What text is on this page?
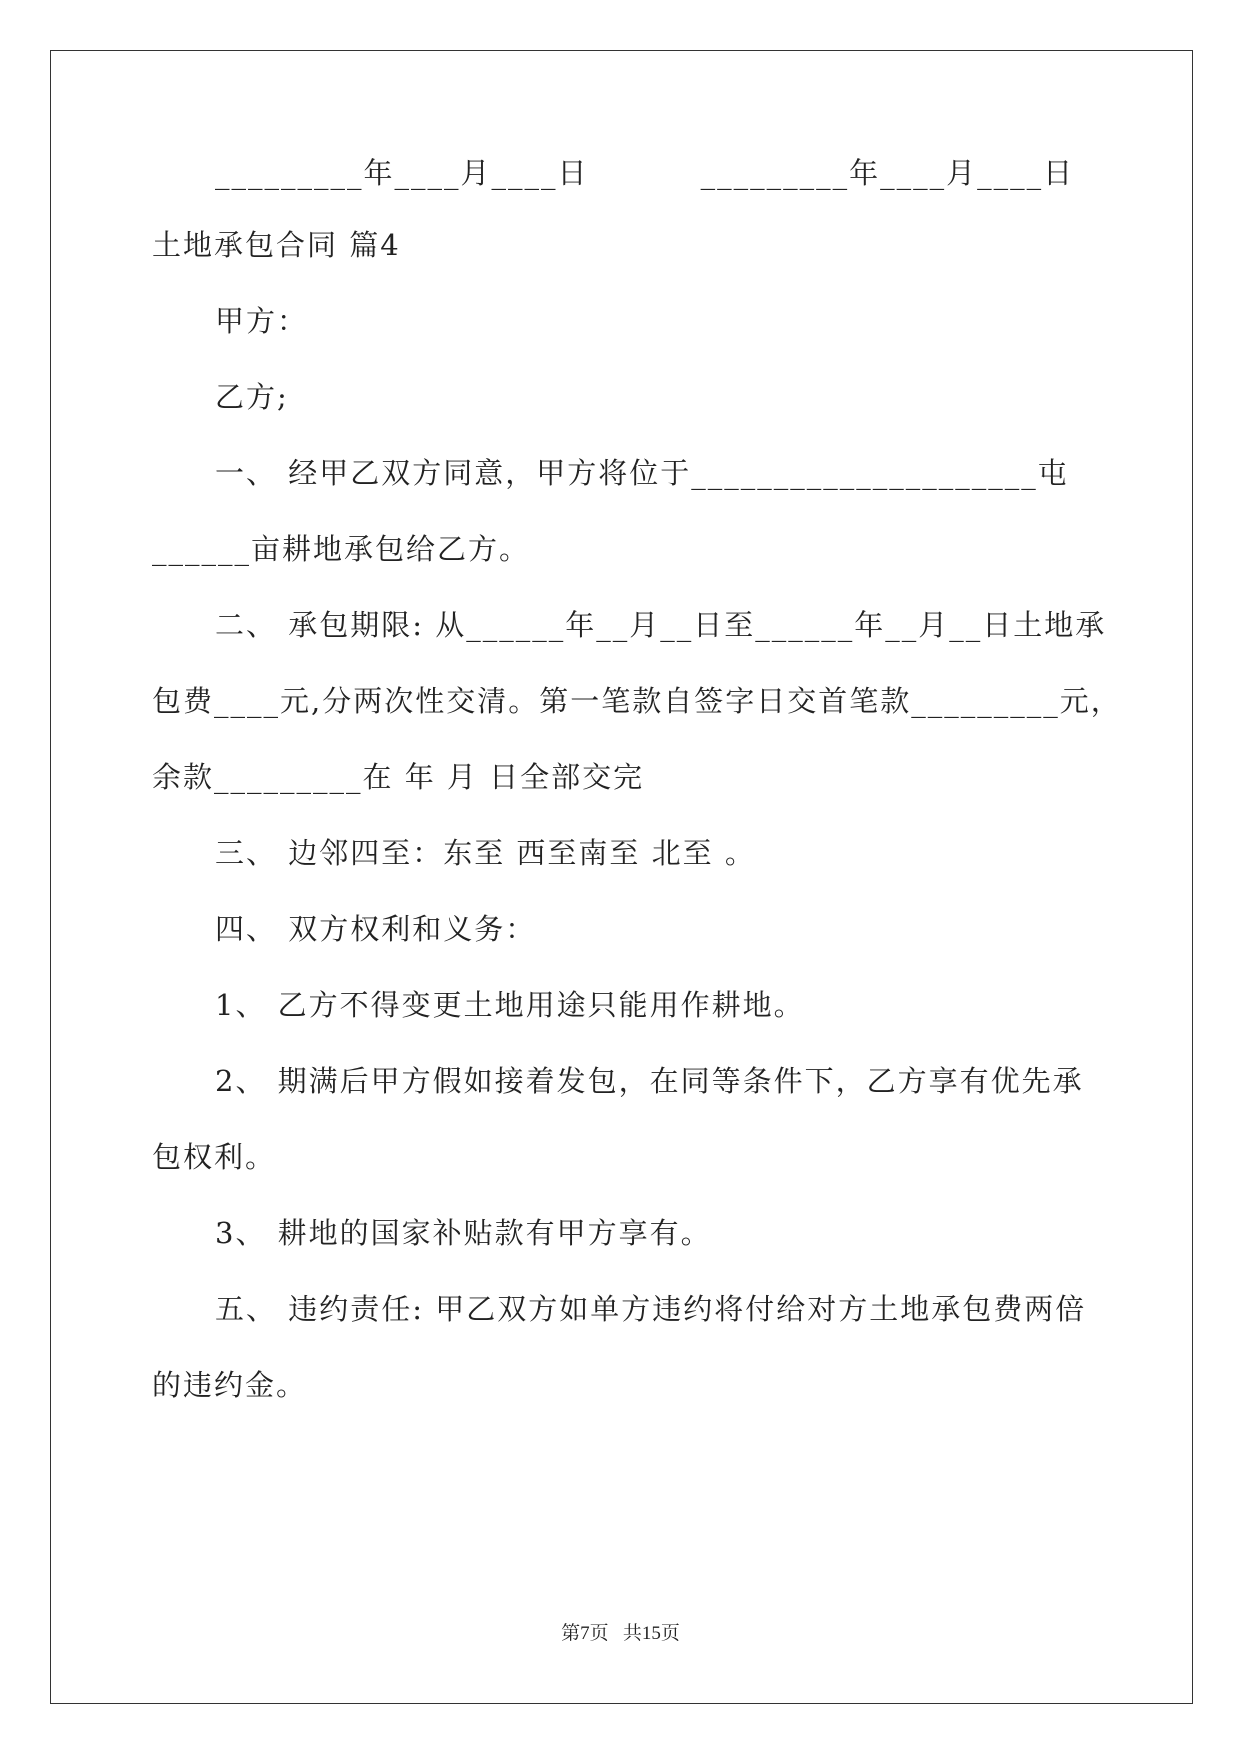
_________年____月____日          _________年____月____日
土地承包合同 篇4
甲方：
乙方;
一、 经甲乙双方同意，甲方将位于_____________________屯
______亩耕地承包给乙方。
二、 承包期限: 从______年__月__日至______年__月__日土地承
包费____元,分两次性交清。第一笔款自签字日交首笔款_________元，
余款_________在 年 月 日全部交完
三、 边邻四至：东至 西至南至 北至 。
四、 双方权利和义务：
1、 乙方不得变更土地用途只能用作耕地。
2、 期满后甲方假如接着发包，在同等条件下，乙方享有优先承
包权利。
3、 耕地的国家补贴款有甲方享有。
五、 违约责任: 甲乙双方如单方违约将付给对方土地承包费两倍
的违约金。
第7页   共15页
